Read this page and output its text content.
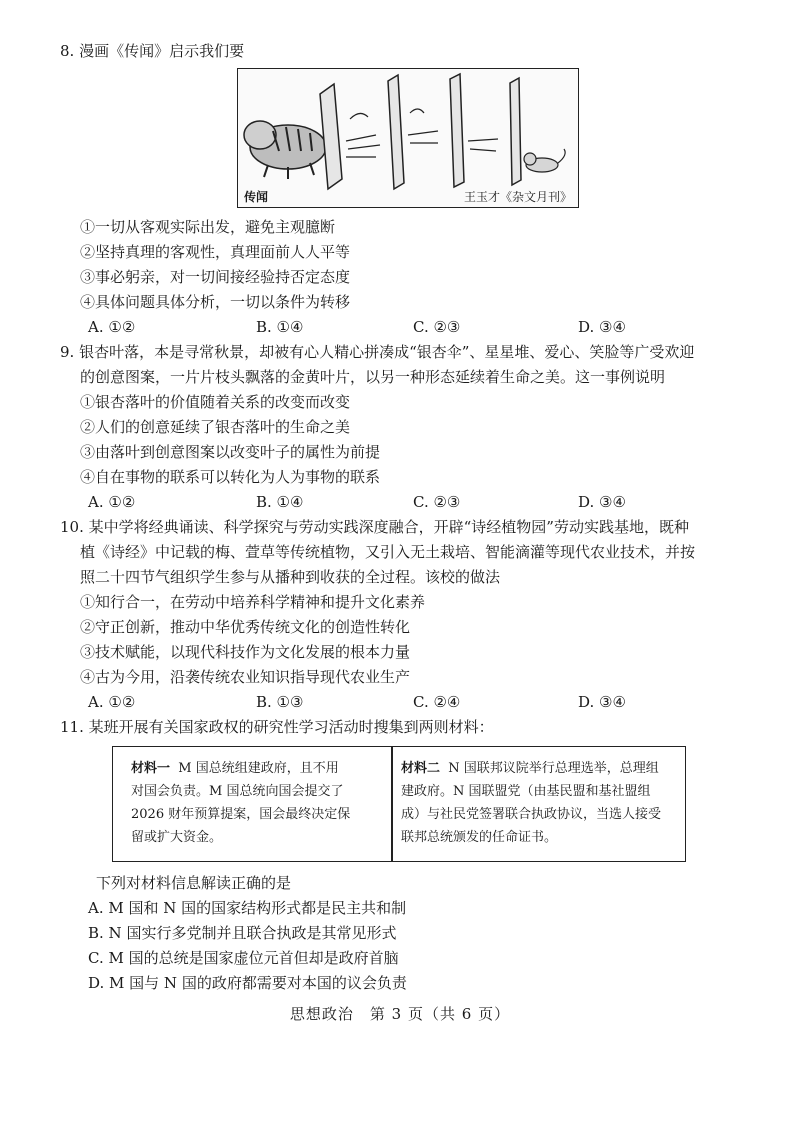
8. 漫画《传闻》启示我们要
传闻	王玉才《杂文月刊》
①一切从客观实际出发，避免主观臆断
②坚持真理的客观性，真理面前人人平等
③事必躬亲，对一切间接经验持否定态度
④具体问题具体分析，一切以条件为转移
A. ①②	B. ①④	C. ②③	D. ③④
9. 银杏叶落，本是寻常秋景，却被有心人精心拼凑成“银杏伞”、星星堆、爱心、笑脸等广受欢迎
的创意图案，一片片枝头飘落的金黄叶片，以另一种形态延续着生命之美。这一事例说明
①银杏落叶的价值随着关系的改变而改变
②人们的创意延续了银杏落叶的生命之美
③由落叶到创意图案以改变叶子的属性为前提
④自在事物的联系可以转化为人为事物的联系
A. ①②	B. ①④	C. ②③	D. ③④
10. 某中学将经典诵读、科学探究与劳动实践深度融合，开辟“诗经植物园”劳动实践基地，既种
植《诗经》中记载的梅、萱草等传统植物，又引入无土栽培、智能滴灌等现代农业技术，并按
照二十四节气组织学生参与从播种到收获的全过程。该校的做法
①知行合一，在劳动中培养科学精神和提升文化素养
②守正创新，推动中华优秀传统文化的创造性转化
③技术赋能，以现代科技作为文化发展的根本力量
④古为今用，沿袭传统农业知识指导现代农业生产
A. ①②	B. ①③	C. ②④	D. ③④
11. 某班开展有关国家政权的研究性学习活动时搜集到两则材料：
材料一 M 国总统组建政府，且不用
对国会负责。M 国总统向国会提交了
2026 财年预算提案，国会最终决定保
留或扩大资金。
材料二 N 国联邦议院举行总理选举，总理组
建政府。N 国联盟党（由基民盟和基社盟组
成）与社民党签署联合执政协议，当选人接受
联邦总统颁发的任命证书。
下列对材料信息解读正确的是
A. M 国和 N 国的国家结构形式都是民主共和制
B. N 国实行多党制并且联合执政是其常见形式
C. M 国的总统是国家虚位元首但却是政府首脑
D. M 国与 N 国的政府都需要对本国的议会负责
思想政治　第 3 页（共 6 页）
